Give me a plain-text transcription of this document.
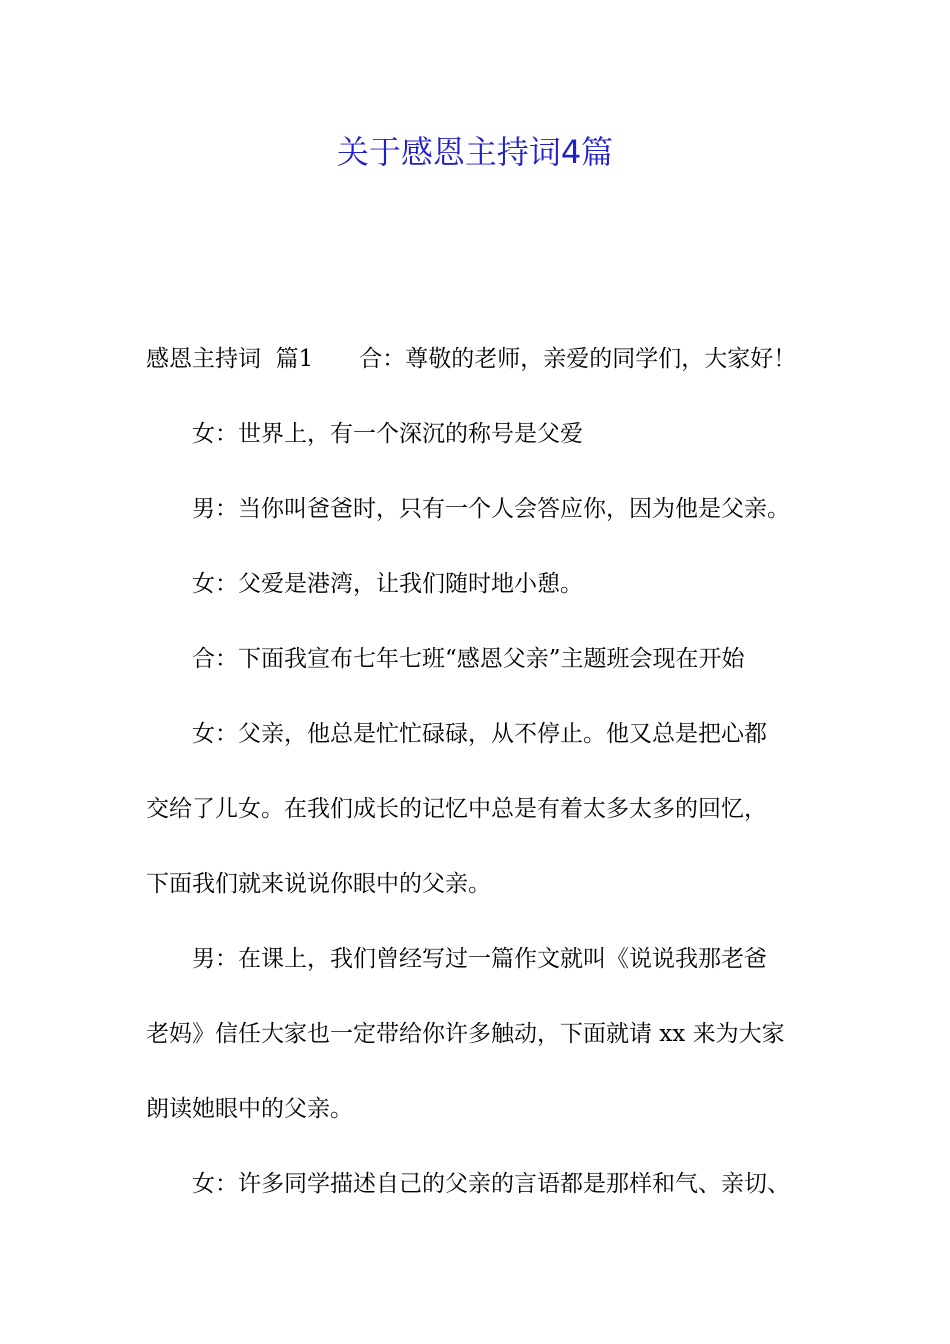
关于感恩主持词4篇
感恩主持词  篇1 合：尊敬的老师，亲爱的同学们，大家好！
女：世界上，有一个深沉的称号是父爱
男：当你叫爸爸时，只有一个人会答应你，因为他是父亲。
女：父爱是港湾，让我们随时地小憩。
合：下面我宣布七年七班“感恩父亲”主题班会现在开始
女：父亲，他总是忙忙碌碌，从不停止。他又总是把心都
交给了儿女。在我们成长的记忆中总是有着太多太多的回忆，
下面我们就来说说你眼中的父亲。
男：在课上，我们曾经写过一篇作文就叫《说说我那老爸
老妈》信任大家也一定带给你许多触动，下面就请 xx 来为大家
朗读她眼中的父亲。
女：许多同学描述自己的父亲的言语都是那样和气、亲切、
